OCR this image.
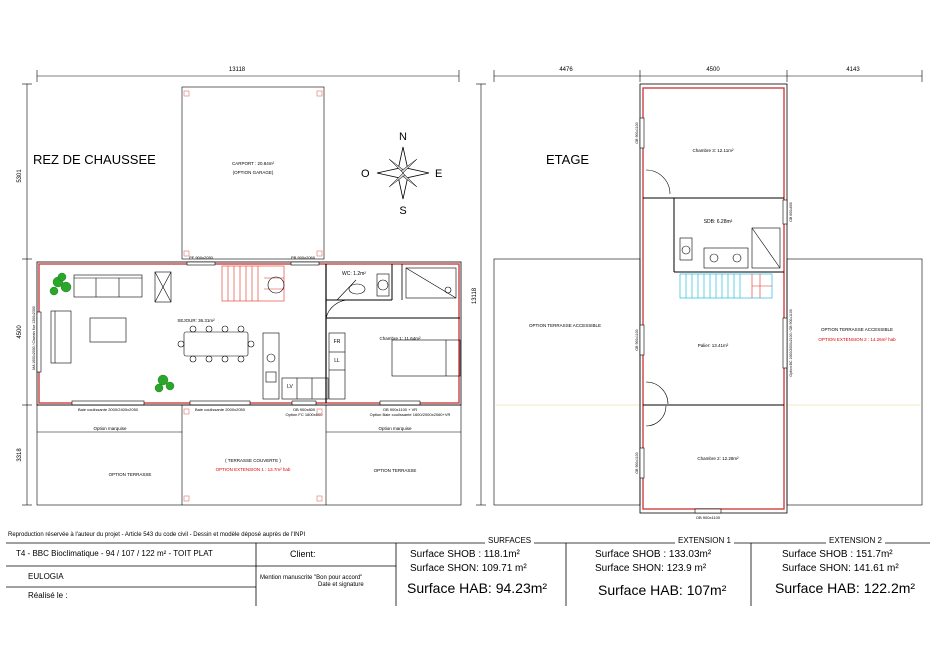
13118	4476	4500	4143
5301
4500
3318
13118
REZ DE CHAUSSEE	ETAGE
N
S
E
O
CARPORT : 20.84m²
(OPTION GARAGE)
PF 900x2050	PB 900x2060
SEJOUR: 36.31m²
WC: 1.2m²
Chambre 1: 11.64m²
FR
LL
LV
Baie coulissante 2000/2400x2050	Baie coulissante 2000x2050	OB 900x800
Option FC 1800x600
OB 900x1100 + VR
Option Baie coulissante 1600/2000x2060+VR
MA 1600x2000 / Chassis fixe 1200x2300
Option marquise	Option marquise
( TERRASSE COUVERTE )
OPTION EXTENSION 1 : 13.7m² hab
OPTION TERRASSE
OPTION TERRASSE
OPTION TERRASSE ACCESSIBLE
OPTION TERRASSE ACCESSIBLE
OPTION EXTENSION 2 : 14.26m² hab
Chambre 3: 12.11m²
SDB: 6.28m²
Palier: 13.41m²
Chambre 2: 12.28m²
OB 900x1100
OB 900x1100
OB 600x600
OB 900x1100
OB 900x1100
Option BC 1600/2000x2100 / OB 900x1100
Reproduction réservée à l'auteur du projet - Article 543 du code civil - Dessin et modèle déposé auprès de l'INPI
T4 - BBC Bioclimatique - 94 / 107 / 122 m² - TOIT PLAT
EULOGIA
Réalisé le :
Client:
Mention manuscrite "Bon pour accord"
Date et signature
SURFACES
Surface SHOB : 118.1m²
Surface SHON: 109.71 m²
Surface HAB: 94.23m²
EXTENSION 1
Surface SHOB : 133.03m²
Surface SHON: 123.9 m²
Surface HAB: 107m²
EXTENSION 2
Surface SHOB : 151.7m²
Surface SHON: 141.61 m²
Surface HAB: 122.2m²
